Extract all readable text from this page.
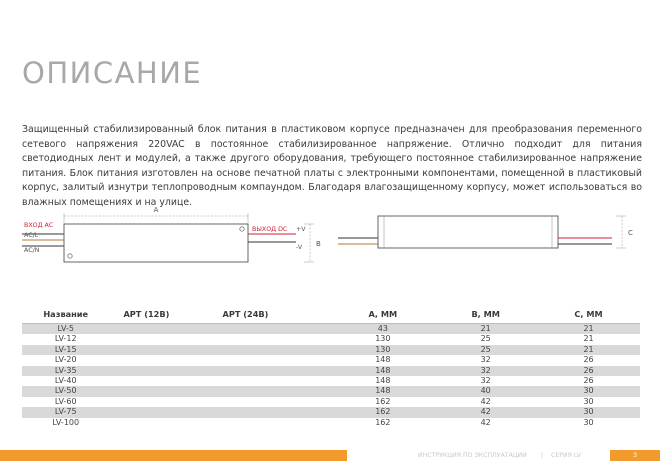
ОПИСАНИЕ

Защищенный стабилизированный блок питания в пластиковом корпусе предназначен для преобразования переменного сетевого напряжения 220VAC в постоянное стабилизированное напряжение. Отлично подходит для питания светодиодных лент и модулей, а также другого оборудования, требующего постоянное стабилизированное напряжение питания. Блок питания изготовлен на основе печатной платы с электронными компонентами, помещенной в пластиковый корпус, залитый изнутри теплопроводным компаундом. Благодаря влагозащищенному корпусу, может использоваться во влажных помещениях и на улице.

A
B
ВХОД AC
AC/L
AC/N
ВЫХОД DC +V
-V
C
Название	АРТ (12В)	АРТ (24В)	А, ММ	В, ММ	С, ММ
LV-5			43	21	21
LV-12			130	25	21
LV-15			130	25	21
LV-20			148	32	26
LV-35			148	32	26
LV-40			148	32	26
LV-50			148	40	30
LV-60			162	42	30
LV-75			162	42	30
LV-100			162	42	30
ИНСТРУКЦИЯ ПО ЭКСПЛУАТАЦИИ | СЕРИЯ LV	3
